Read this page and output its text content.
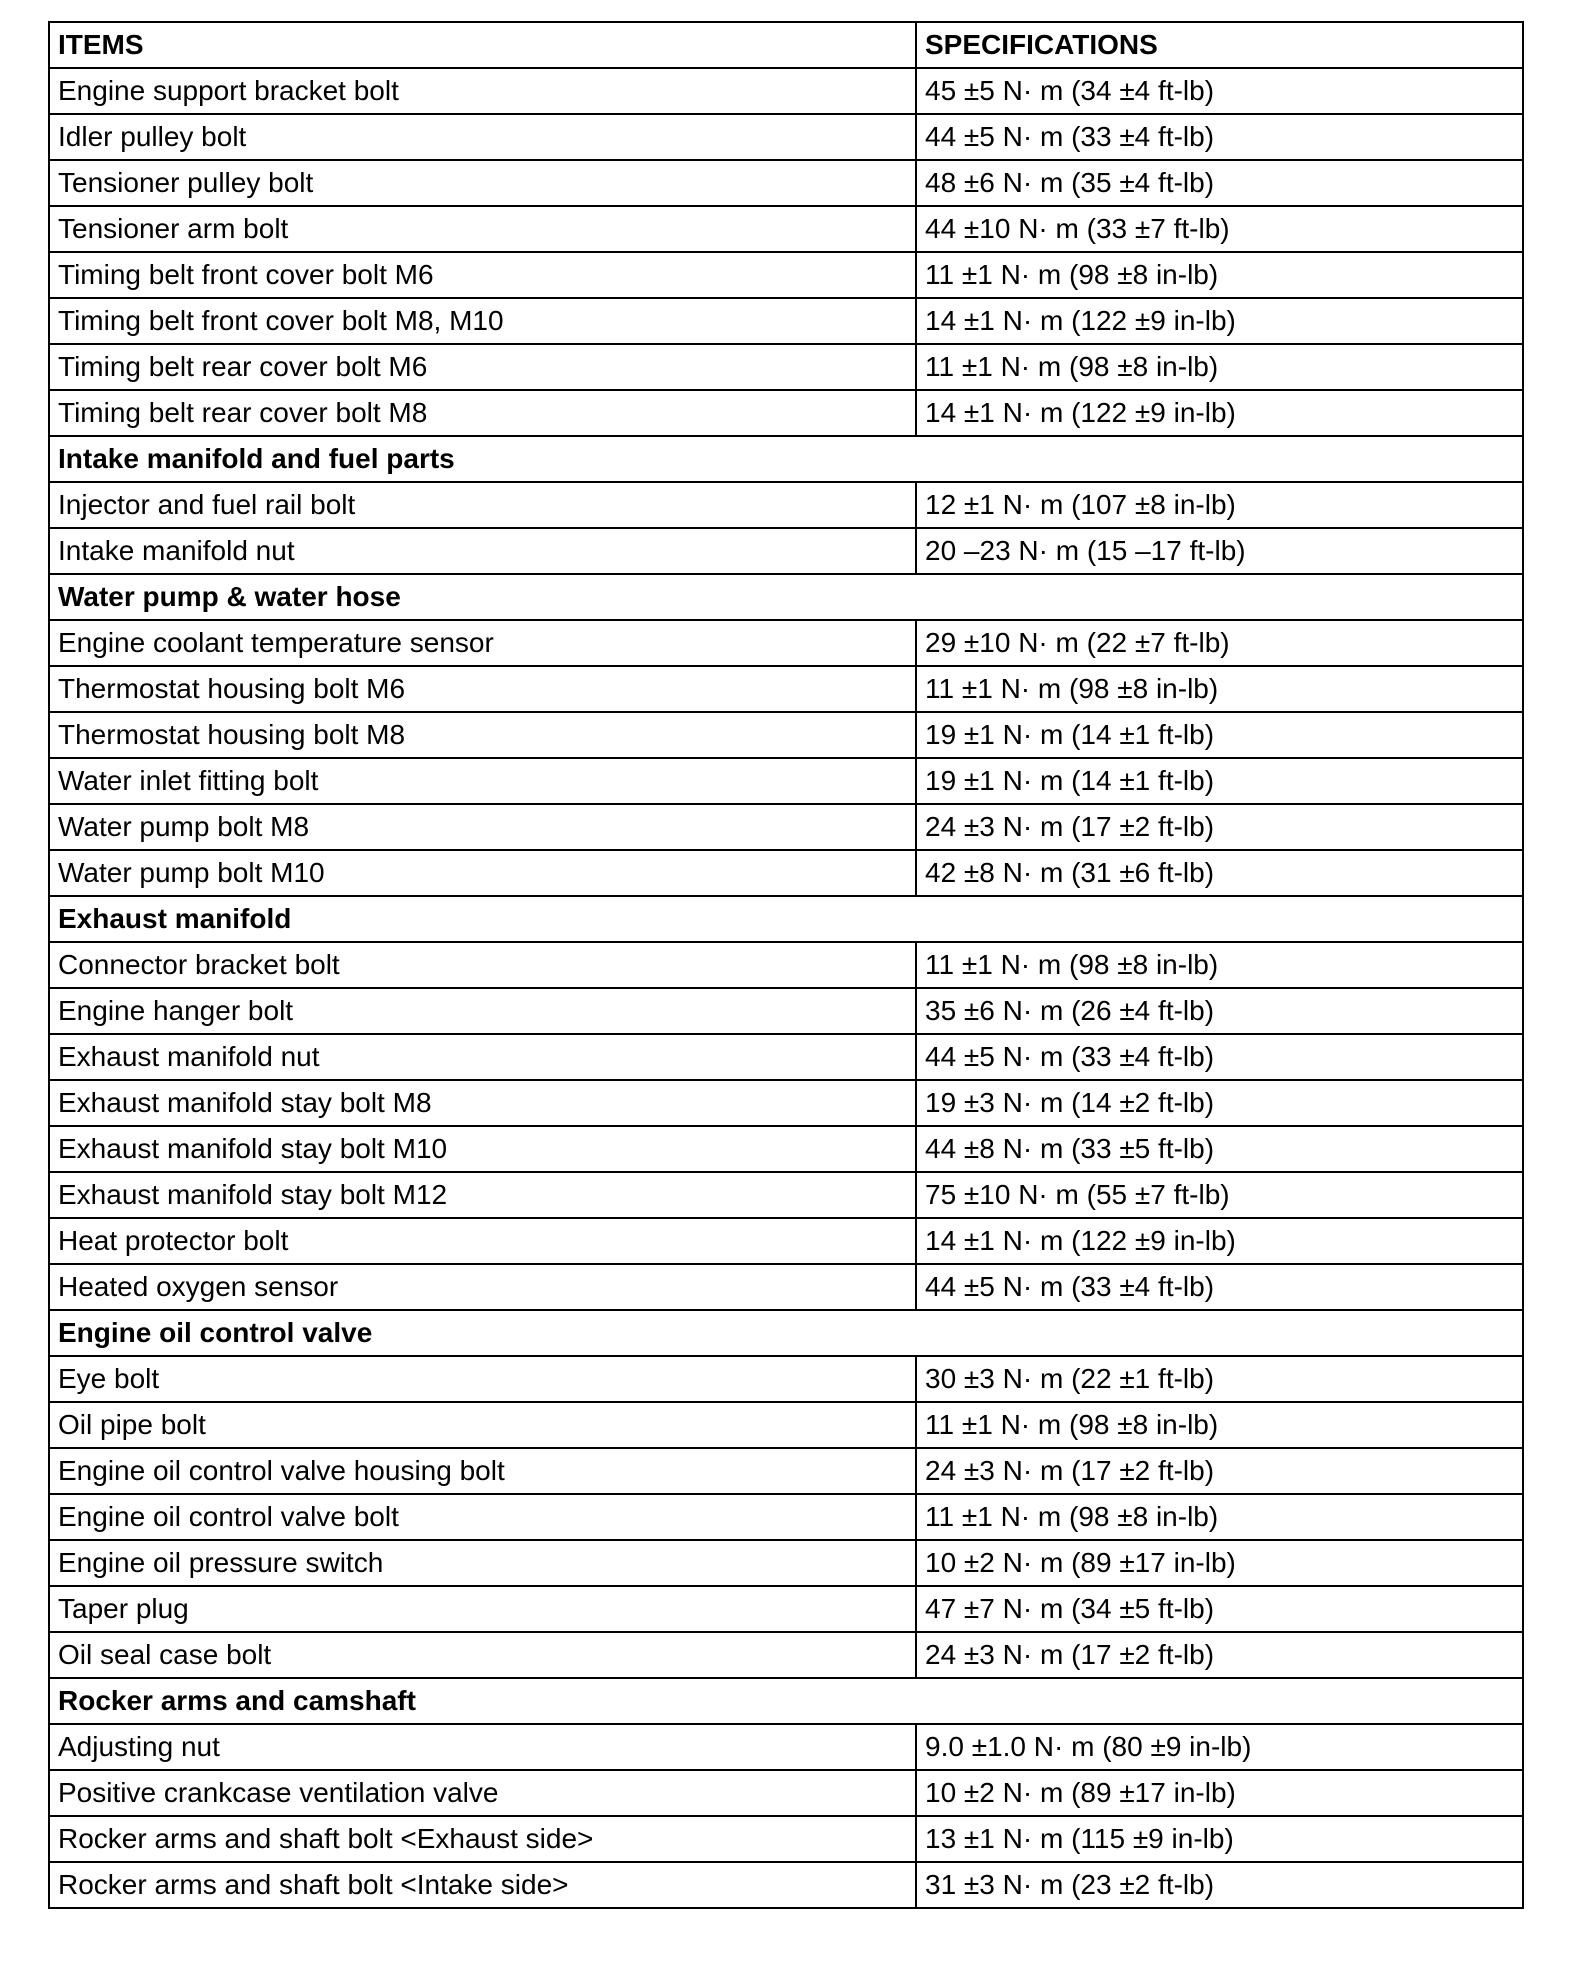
ITEMS	SPECIFICATIONS
Engine support bracket bolt	45 ±5 N· m (34 ±4 ft-lb)
Idler pulley bolt	44 ±5 N· m (33 ±4 ft-lb)
Tensioner pulley bolt	48 ±6 N· m (35 ±4 ft-lb)
Tensioner arm bolt	44 ±10 N· m (33 ±7 ft-lb)
Timing belt front cover bolt M6	11 ±1 N· m (98 ±8 in-lb)
Timing belt front cover bolt M8, M10	14 ±1 N· m (122 ±9 in-lb)
Timing belt rear cover bolt M6	11 ±1 N· m (98 ±8 in-lb)
Timing belt rear cover bolt M8	14 ±1 N· m (122 ±9 in-lb)
Intake manifold and fuel parts	
Injector and fuel rail bolt	12 ±1 N· m (107 ±8 in-lb)
Intake manifold nut	20 –23 N· m (15 –17 ft-lb)
Water pump & water hose	
Engine coolant temperature sensor	29 ±10 N· m (22 ±7 ft-lb)
Thermostat housing bolt M6	11 ±1 N· m (98 ±8 in-lb)
Thermostat housing bolt M8	19 ±1 N· m (14 ±1 ft-lb)
Water inlet fitting bolt	19 ±1 N· m (14 ±1 ft-lb)
Water pump bolt M8	24 ±3 N· m (17 ±2 ft-lb)
Water pump bolt M10	42 ±8 N· m (31 ±6 ft-lb)
Exhaust manifold	
Connector bracket bolt	11 ±1 N· m (98 ±8 in-lb)
Engine hanger bolt	35 ±6 N· m (26 ±4 ft-lb)
Exhaust manifold nut	44 ±5 N· m (33 ±4 ft-lb)
Exhaust manifold stay bolt M8	19 ±3 N· m (14 ±2 ft-lb)
Exhaust manifold stay bolt M10	44 ±8 N· m (33 ±5 ft-lb)
Exhaust manifold stay bolt M12	75 ±10 N· m (55 ±7 ft-lb)
Heat protector bolt	14 ±1 N· m (122 ±9 in-lb)
Heated oxygen sensor	44 ±5 N· m (33 ±4 ft-lb)
Engine oil control valve	
Eye bolt	30 ±3 N· m (22 ±1 ft-lb)
Oil pipe bolt	11 ±1 N· m (98 ±8 in-lb)
Engine oil control valve housing bolt	24 ±3 N· m (17 ±2 ft-lb)
Engine oil control valve bolt	11 ±1 N· m (98 ±8 in-lb)
Engine oil pressure switch	10 ±2 N· m (89 ±17 in-lb)
Taper plug	47 ±7 N· m (34 ±5 ft-lb)
Oil seal case bolt	24 ±3 N· m (17 ±2 ft-lb)
Rocker arms and camshaft	
Adjusting nut	9.0 ±1.0 N· m (80 ±9 in-lb)
Positive crankcase ventilation valve	10 ±2 N· m (89 ±17 in-lb)
Rocker arms and shaft bolt <Exhaust side>	13 ±1 N· m (115 ±9 in-lb)
Rocker arms and shaft bolt <Intake side>	31 ±3 N· m (23 ±2 ft-lb)
